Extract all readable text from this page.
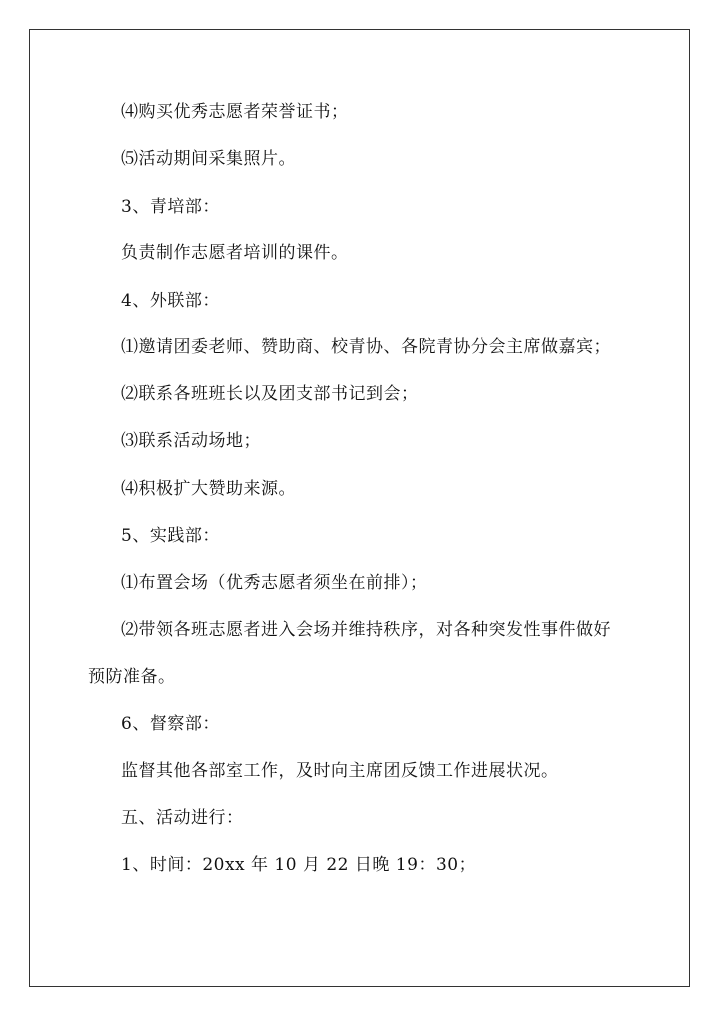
⑷购买优秀志愿者荣誉证书；
⑸活动期间采集照片。
3、青培部：
负责制作志愿者培训的课件。
4、外联部：
⑴邀请团委老师、赞助商、校青协、各院青协分会主席做嘉宾；
⑵联系各班班长以及团支部书记到会；
⑶联系活动场地；
⑷积极扩大赞助来源。
5、实践部：
⑴布置会场（优秀志愿者须坐在前排）；
⑵带领各班志愿者进入会场并维持秩序，对各种突发性事件做好
预防准备。
6、督察部：
监督其他各部室工作，及时向主席团反馈工作进展状况。
五、活动进行：
1、时间：20xx 年 10 月 22 日晚 19：30；
